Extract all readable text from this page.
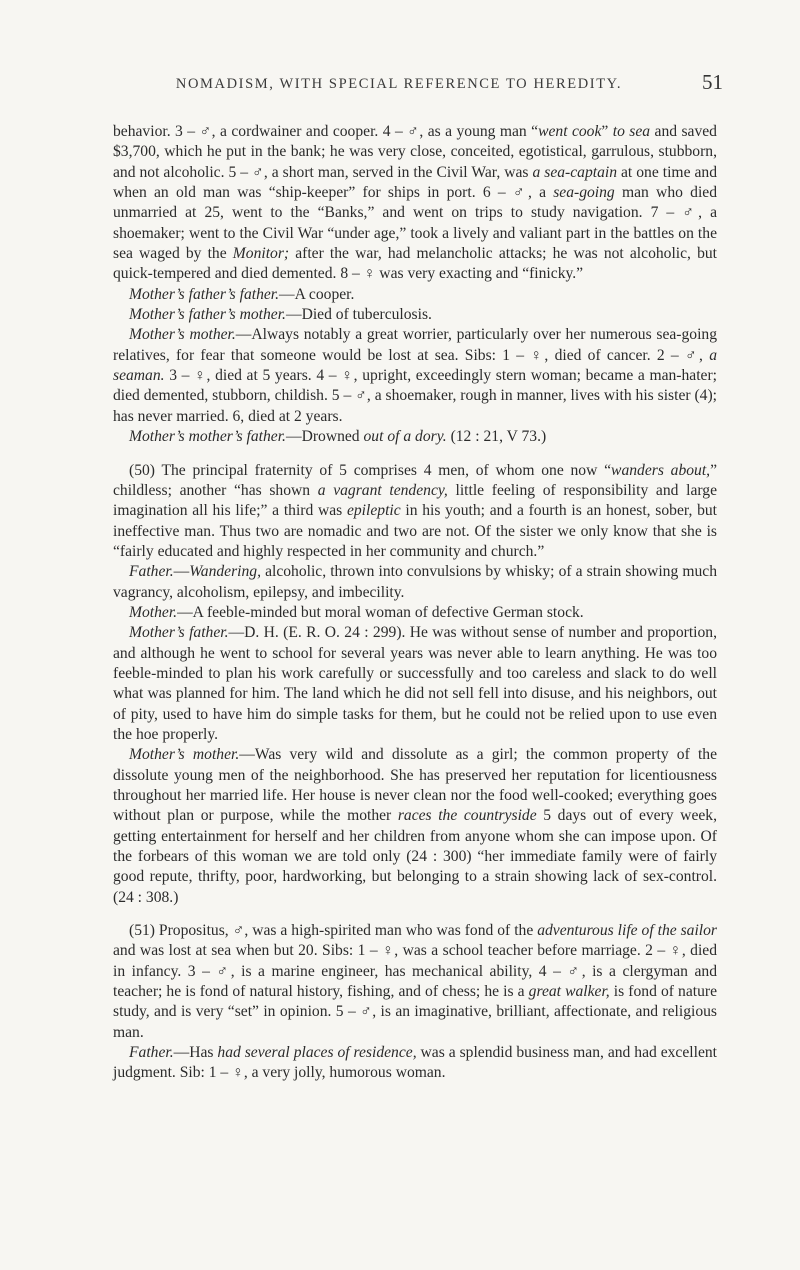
NOMADISM, WITH SPECIAL REFERENCE TO HEREDITY.	51

behavior. 3 – ♂, a cordwainer and cooper. 4 – ♂, as a young man “went cook” to sea and saved $3,700, which he put in the bank; he was very close, conceited, egotistical, garrulous, stubborn, and not alcoholic. 5 – ♂, a short man, served in the Civil War, was a sea-captain at one time and when an old man was “ship-keeper” for ships in port. 6 – ♂, a sea-going man who died unmarried at 25, went to the “Banks,” and went on trips to study navigation. 7 – ♂, a shoemaker; went to the Civil War “under age,” took a lively and valiant part in the battles on the sea waged by the Monitor; after the war, had melancholic attacks; he was not alcoholic, but quick-tempered and died demented. 8 – ♀ was very exacting and “finicky.”

Mother’s father’s father.—A cooper.

Mother’s father’s mother.—Died of tuberculosis.

Mother’s mother.—Always notably a great worrier, particularly over her numerous sea-going relatives, for fear that someone would be lost at sea. Sibs: 1 – ♀, died of cancer. 2 – ♂, a seaman. 3 – ♀, died at 5 years. 4 – ♀, upright, exceedingly stern woman; became a man-hater; died demented, stubborn, childish. 5 – ♂, a shoemaker, rough in manner, lives with his sister (4); has never married. 6, died at 2 years.

Mother’s mother’s father.—Drowned out of a dory. (12 : 21, V 73.)

(50) The principal fraternity of 5 comprises 4 men, of whom one now “wanders about,” childless; another “has shown a vagrant tendency, little feeling of responsibility and large imagination all his life;” a third was epileptic in his youth; and a fourth is an honest, sober, but ineffective man. Thus two are nomadic and two are not. Of the sister we only know that she is “fairly educated and highly respected in her community and church.”

Father.—Wandering, alcoholic, thrown into convulsions by whisky; of a strain showing much vagrancy, alcoholism, epilepsy, and imbecility.

Mother.—A feeble-minded but moral woman of defective German stock.

Mother’s father.—D. H. (E. R. O. 24 : 299). He was without sense of number and proportion, and although he went to school for several years was never able to learn anything. He was too feeble-minded to plan his work carefully or successfully and too careless and slack to do well what was planned for him. The land which he did not sell fell into disuse, and his neighbors, out of pity, used to have him do simple tasks for them, but he could not be relied upon to use even the hoe properly.

Mother’s mother.—Was very wild and dissolute as a girl; the common property of the dissolute young men of the neighborhood. She has preserved her reputation for licentiousness throughout her married life. Her house is never clean nor the food well-cooked; everything goes without plan or purpose, while the mother races the countryside 5 days out of every week, getting entertainment for herself and her children from anyone whom she can impose upon. Of the forbears of this woman we are told only (24 : 300) “her immediate family were of fairly good repute, thrifty, poor, hardworking, but belonging to a strain showing lack of sex-control. (24 : 308.)

(51) Propositus, ♂, was a high-spirited man who was fond of the adventurous life of the sailor and was lost at sea when but 20. Sibs: 1 – ♀, was a school teacher before marriage. 2 – ♀, died in infancy. 3 – ♂, is a marine engineer, has mechanical ability, 4 – ♂, is a clergyman and teacher; he is fond of natural history, fishing, and of chess; he is a great walker, is fond of nature study, and is very “set” in opinion. 5 – ♂, is an imaginative, brilliant, affectionate, and religious man.

Father.—Has had several places of residence, was a splendid business man, and had excellent judgment. Sib: 1 – ♀, a very jolly, humorous woman.
